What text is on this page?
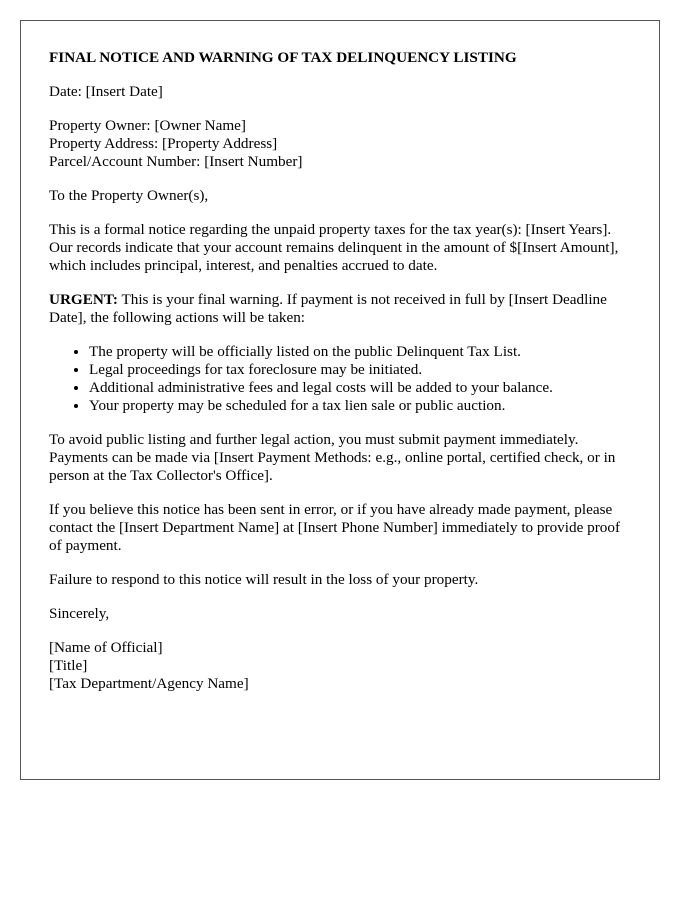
FINAL NOTICE AND WARNING OF TAX DELINQUENCY LISTING

Date: [Insert Date]

Property Owner: [Owner Name]
Property Address: [Property Address]
Parcel/Account Number: [Insert Number]

To the Property Owner(s),

This is a formal notice regarding the unpaid property taxes for the tax year(s): [Insert Years]. Our records indicate that your account remains delinquent in the amount of $[Insert Amount], which includes principal, interest, and penalties accrued to date.

URGENT: This is your final warning. If payment is not received in full by [Insert Deadline Date], the following actions will be taken:

• The property will be officially listed on the public Delinquent Tax List.
• Legal proceedings for tax foreclosure may be initiated.
• Additional administrative fees and legal costs will be added to your balance.
• Your property may be scheduled for a tax lien sale or public auction.

To avoid public listing and further legal action, you must submit payment immediately. Payments can be made via [Insert Payment Methods: e.g., online portal, certified check, or in person at the Tax Collector's Office].

If you believe this notice has been sent in error, or if you have already made payment, please contact the [Insert Department Name] at [Insert Phone Number] immediately to provide proof of payment.

Failure to respond to this notice will result in the loss of your property.

Sincerely,

[Name of Official]
[Title]
[Tax Department/Agency Name]
